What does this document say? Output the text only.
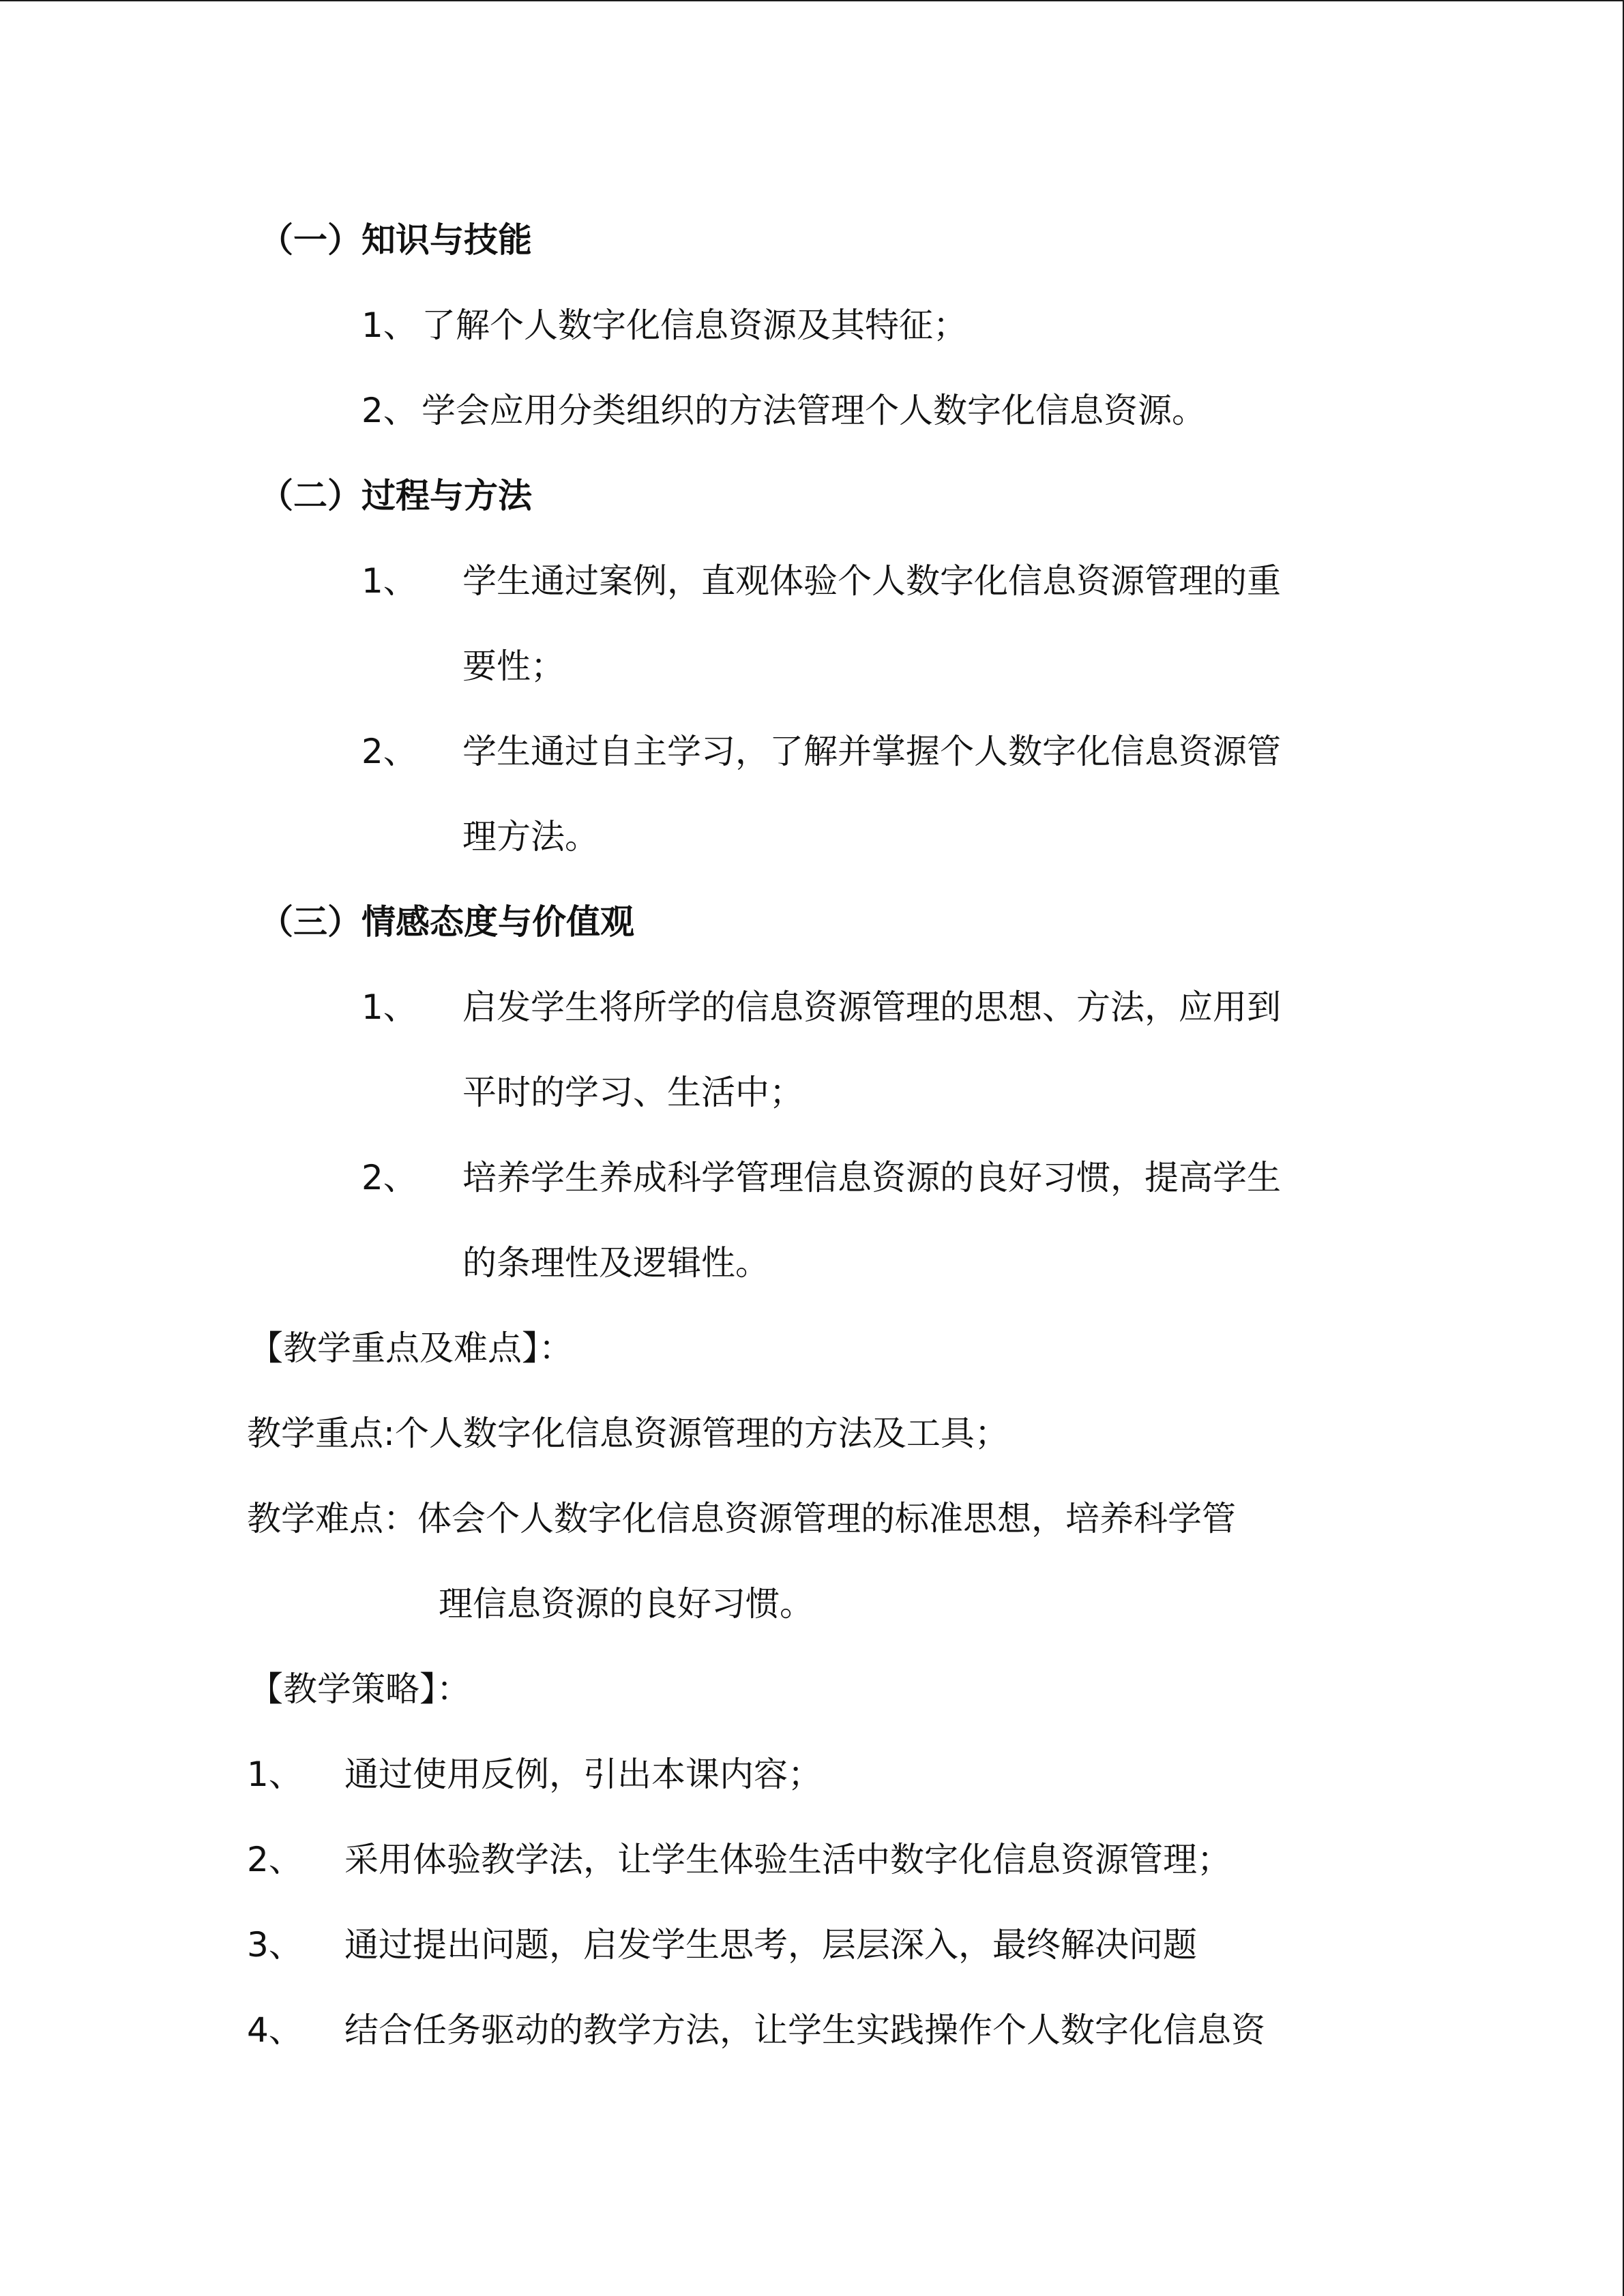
（一）知识与技能
1、 了解个人数字化信息资源及其特征；
2、 学会应用分类组织的方法管理个人数字化信息资源。
（二）过程与方法
1、 学生通过案例，直观体验个人数字化信息资源管理的重
要性；
2、 学生通过自主学习，了解并掌握个人数字化信息资源管
理方法。
（三）情感态度与价值观
1、 启发学生将所学的信息资源管理的思想、方法，应用到
平时的学习、生活中；
2、 培养学生养成科学管理信息资源的良好习惯，提高学生
的条理性及逻辑性。
【教学重点及难点】：
教学重点:个人数字化信息资源管理的方法及工具；
教学难点：体会个人数字化信息资源管理的标准思想，培养科学管
理信息资源的良好习惯。
【教学策略】：
1、 通过使用反例，引出本课内容；
2、 采用体验教学法，让学生体验生活中数字化信息资源管理；
3、 通过提出问题，启发学生思考，层层深入，最终解决问题
4、 结合任务驱动的教学方法，让学生实践操作个人数字化信息资
